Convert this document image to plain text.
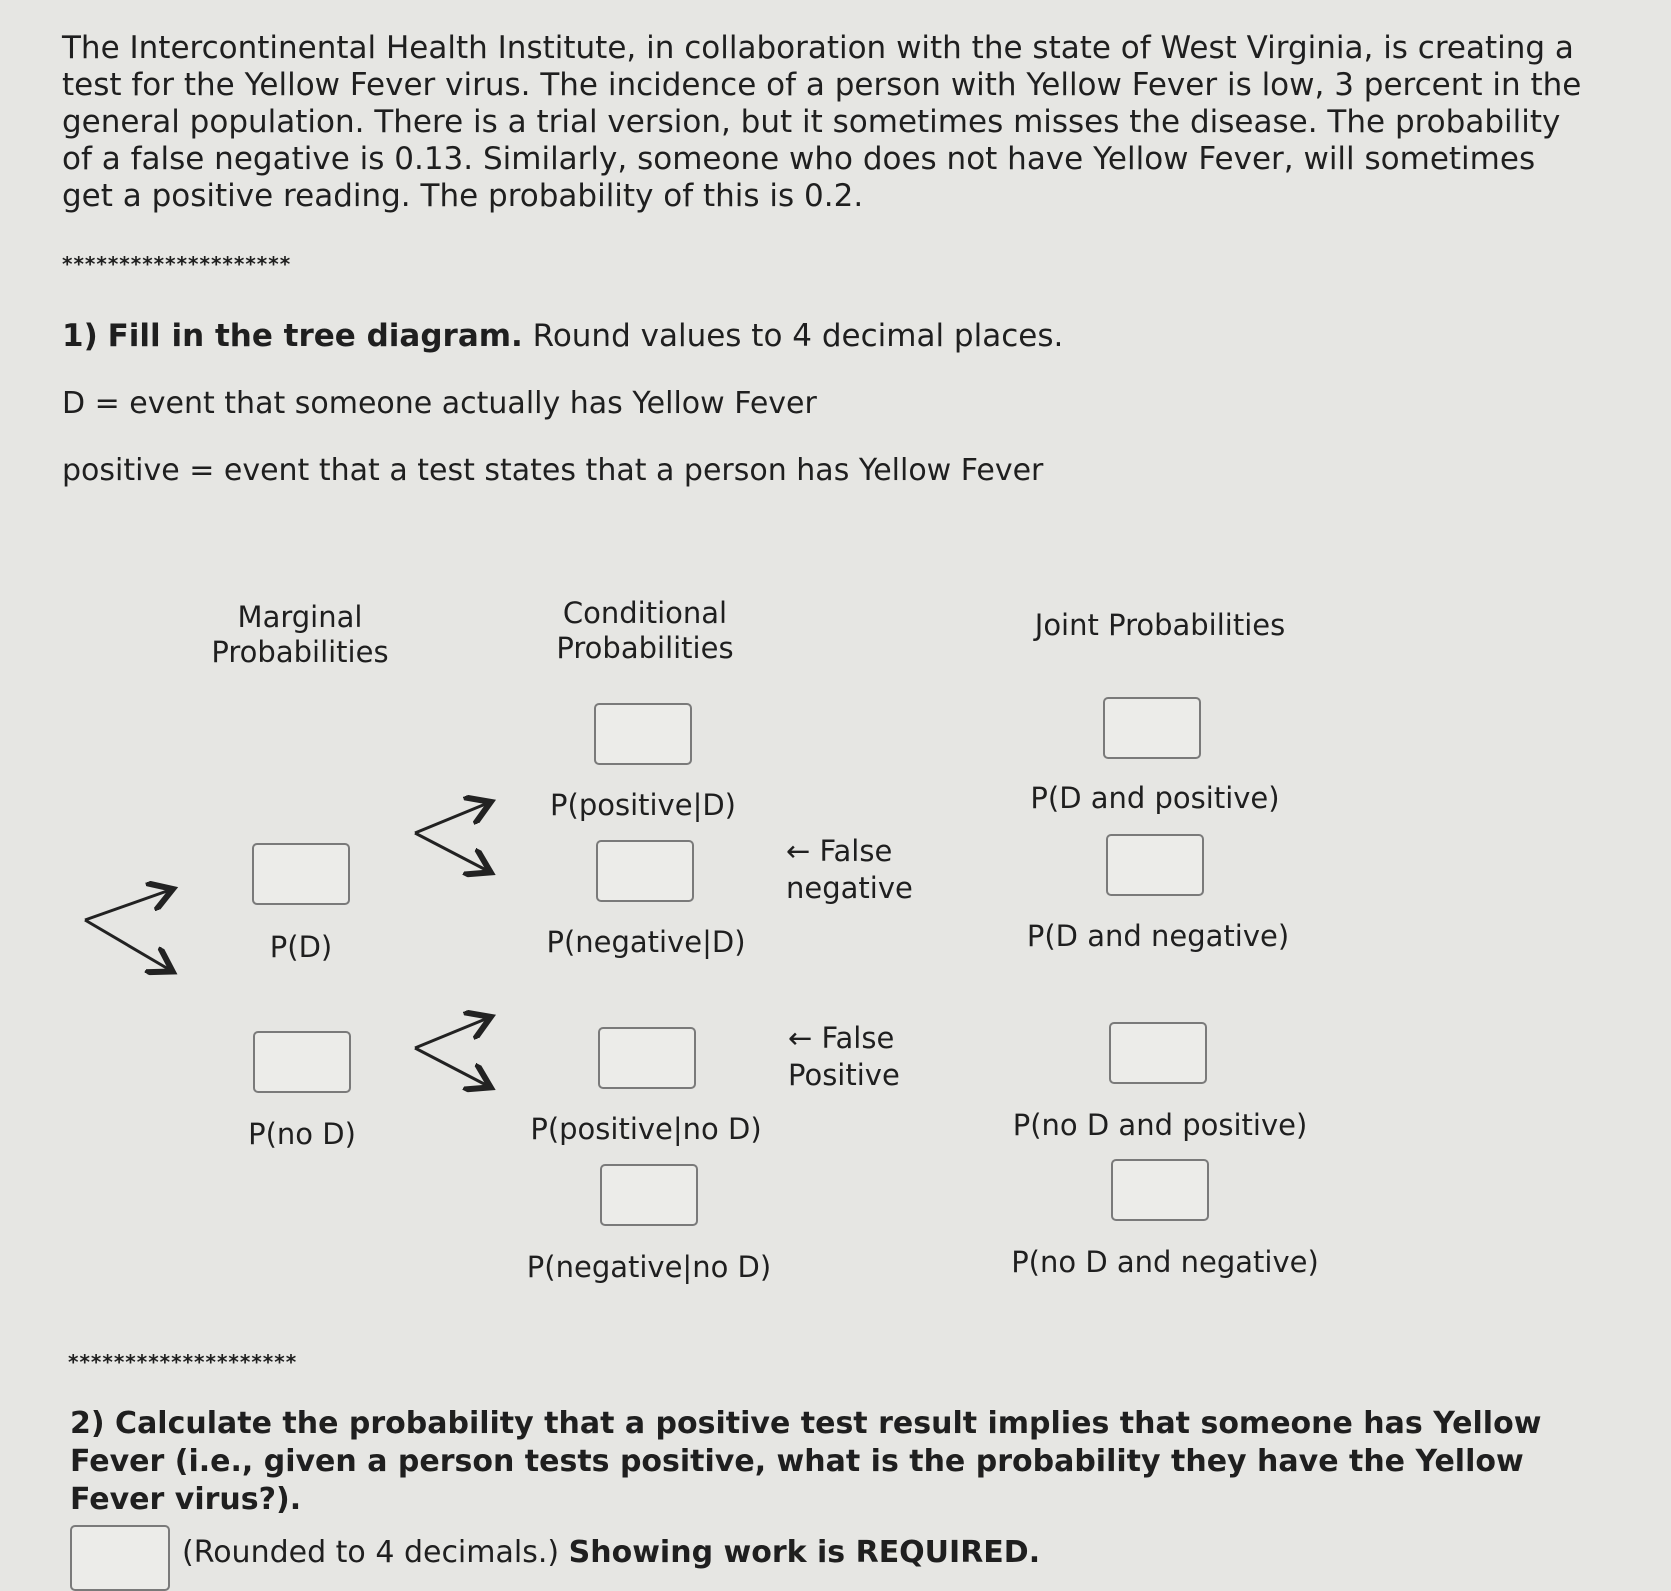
The Intercontinental Health Institute, in collaboration with the state of West Virginia, is creating a test for the Yellow Fever virus. The incidence of a person with Yellow Fever is low, 3 percent in the general population. There is a trial version, but it sometimes misses the disease. The probability of a false negative is 0.13. Similarly, someone who does not have Yellow Fever, will sometimes get a positive reading. The probability of this is 0.2.
********************
1) Fill in the tree diagram. Round values to 4 decimal places.
D = event that someone actually has Yellow Fever
positive = event that a test states that a person has Yellow Fever
Marginal
Probabilities
Conditional
Probabilities
Joint Probabilities
P(D)
P(no D)
P(positive|D)
P(negative|D)
P(positive|no D)
P(negative|no D)
← False
negative
← False
Positive
P(D and positive)
P(D and negative)
P(no D and positive)
P(no D and negative)
********************
2) Calculate the probability that a positive test result implies that someone has Yellow Fever (i.e., given a person tests positive, what is the probability they have the Yellow Fever virus?).
(Rounded to 4 decimals.) Showing work is REQUIRED.
